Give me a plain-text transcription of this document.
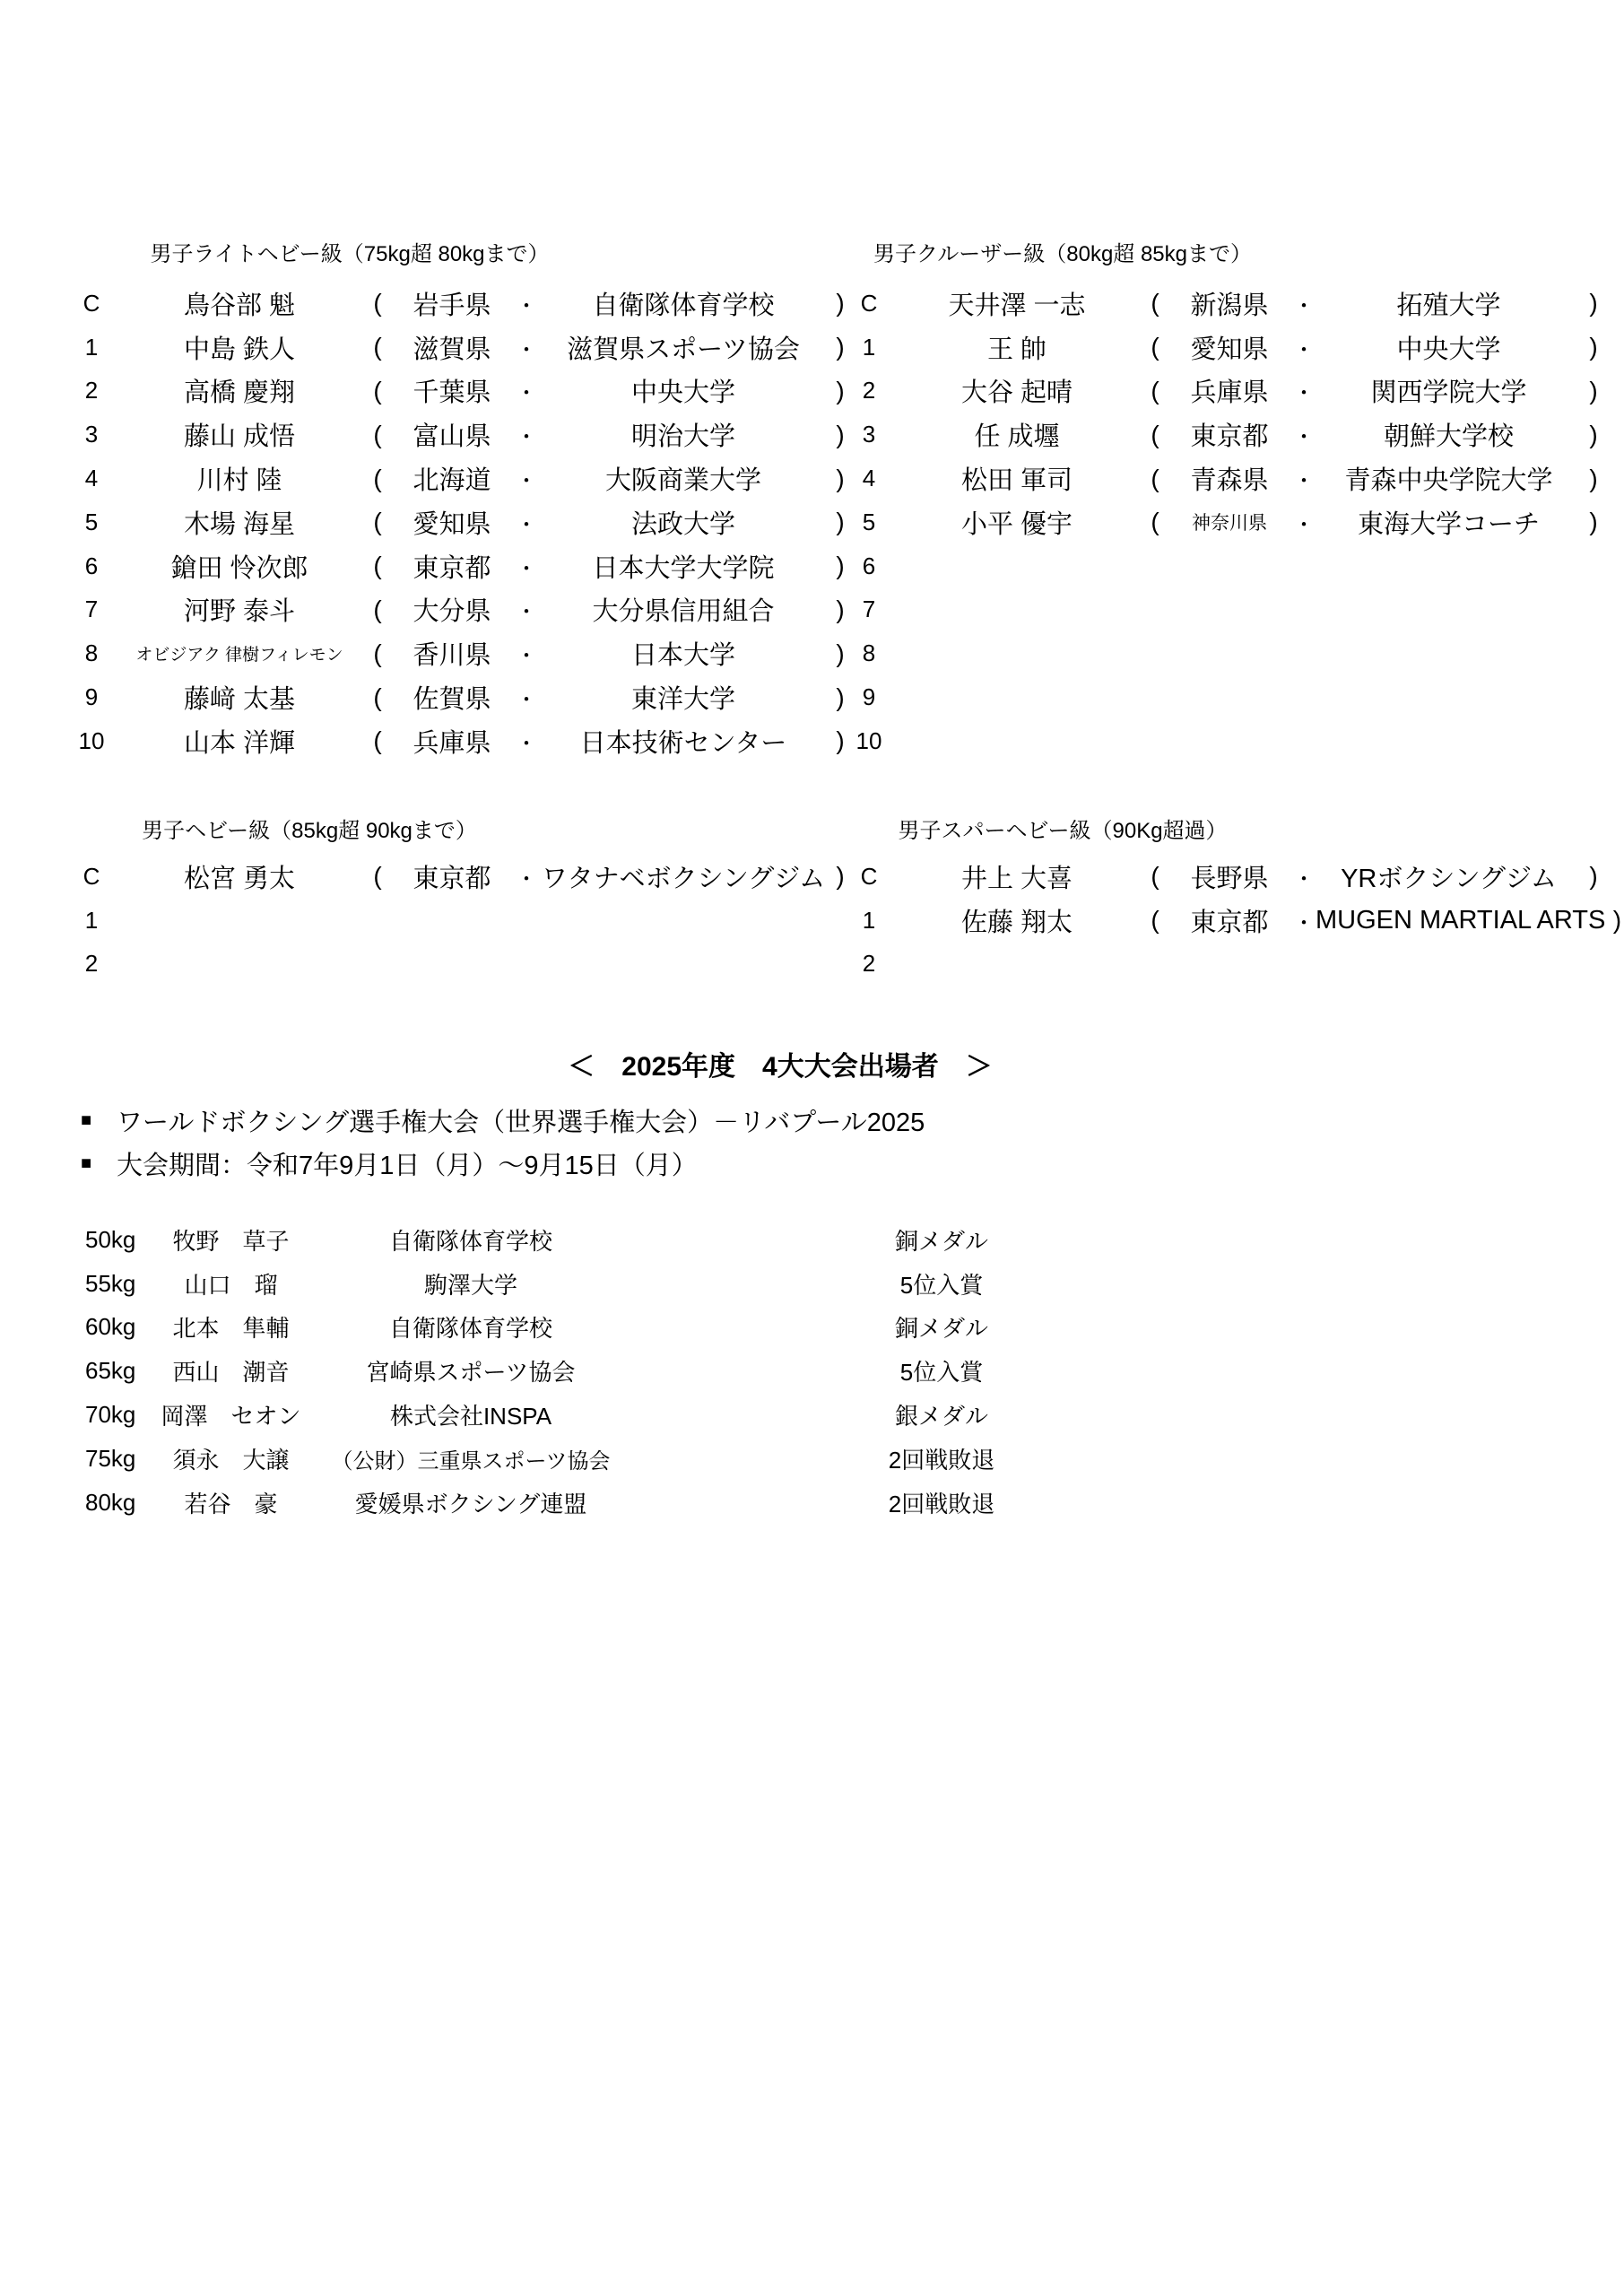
男子ライトヘビー級（75kg超 80kgまで）
C	鳥谷部 魁	(	岩手県	・	自衛隊体育学校	)
1	中島 鉄人	(	滋賀県	・	滋賀県スポーツ協会	)
2	高橋 慶翔	(	千葉県	・	中央大学	)
3	藤山 成悟	(	富山県	・	明治大学	)
4	川村 陸	(	北海道	・	大阪商業大学	)
5	木場 海星	(	愛知県	・	法政大学	)
6	鎗田 怜次郎	(	東京都	・	日本大学大学院	)
7	河野 泰斗	(	大分県	・	大分県信用組合	)
8	オビジアク 律樹フィレモン	(	香川県	・	日本大学	)
9	藤﨑 太基	(	佐賀県	・	東洋大学	)
10	山本 洋輝	(	兵庫県	・	日本技術センター	)
男子クルーザー級（80kg超 85kgまで）
C	天井澤 一志	(	新潟県	・	拓殖大学	)
1	王 帥	(	愛知県	・	中央大学	)
2	大谷 起晴	(	兵庫県	・	関西学院大学	)
3	任 成壥	(	東京都	・	朝鮮大学校	)
4	松田 軍司	(	青森県	・	青森中央学院大学	)
5	小平 優宇	(	神奈川県	・	東海大学コーチ	)
6
7
8
9
10
男子ヘビー級（85kg超 90kgまで）
C	松宮 勇太	(	東京都	・ ワタナベボクシングジム )
1
2
男子スパーヘビー級（90Kg超過）
C	井上 大喜	(	長野県	・	YRボクシングジム	)
1	佐藤 翔太	(	東京都	・ MUGEN MARTIAL ARTS )
2
＜　2025年度　4大大会出場者　＞
■ ワールドボクシング選手権大会（世界選手権大会）－リバプール2025
■ 大会期間：令和7年9月1日（月）～9月15日（月）
50kg	牧野　草子	自衛隊体育学校	銅メダル
55kg	山口　瑠	駒澤大学	5位入賞
60kg	北本　隼輔	自衛隊体育学校	銅メダル
65kg	西山　潮音	宮崎県スポーツ協会	5位入賞
70kg	岡澤　セオン	株式会社INSPA	銀メダル
75kg	須永　大譲	（公財）三重県スポーツ協会	2回戦敗退
80kg	若谷　豪	愛媛県ボクシング連盟	2回戦敗退
